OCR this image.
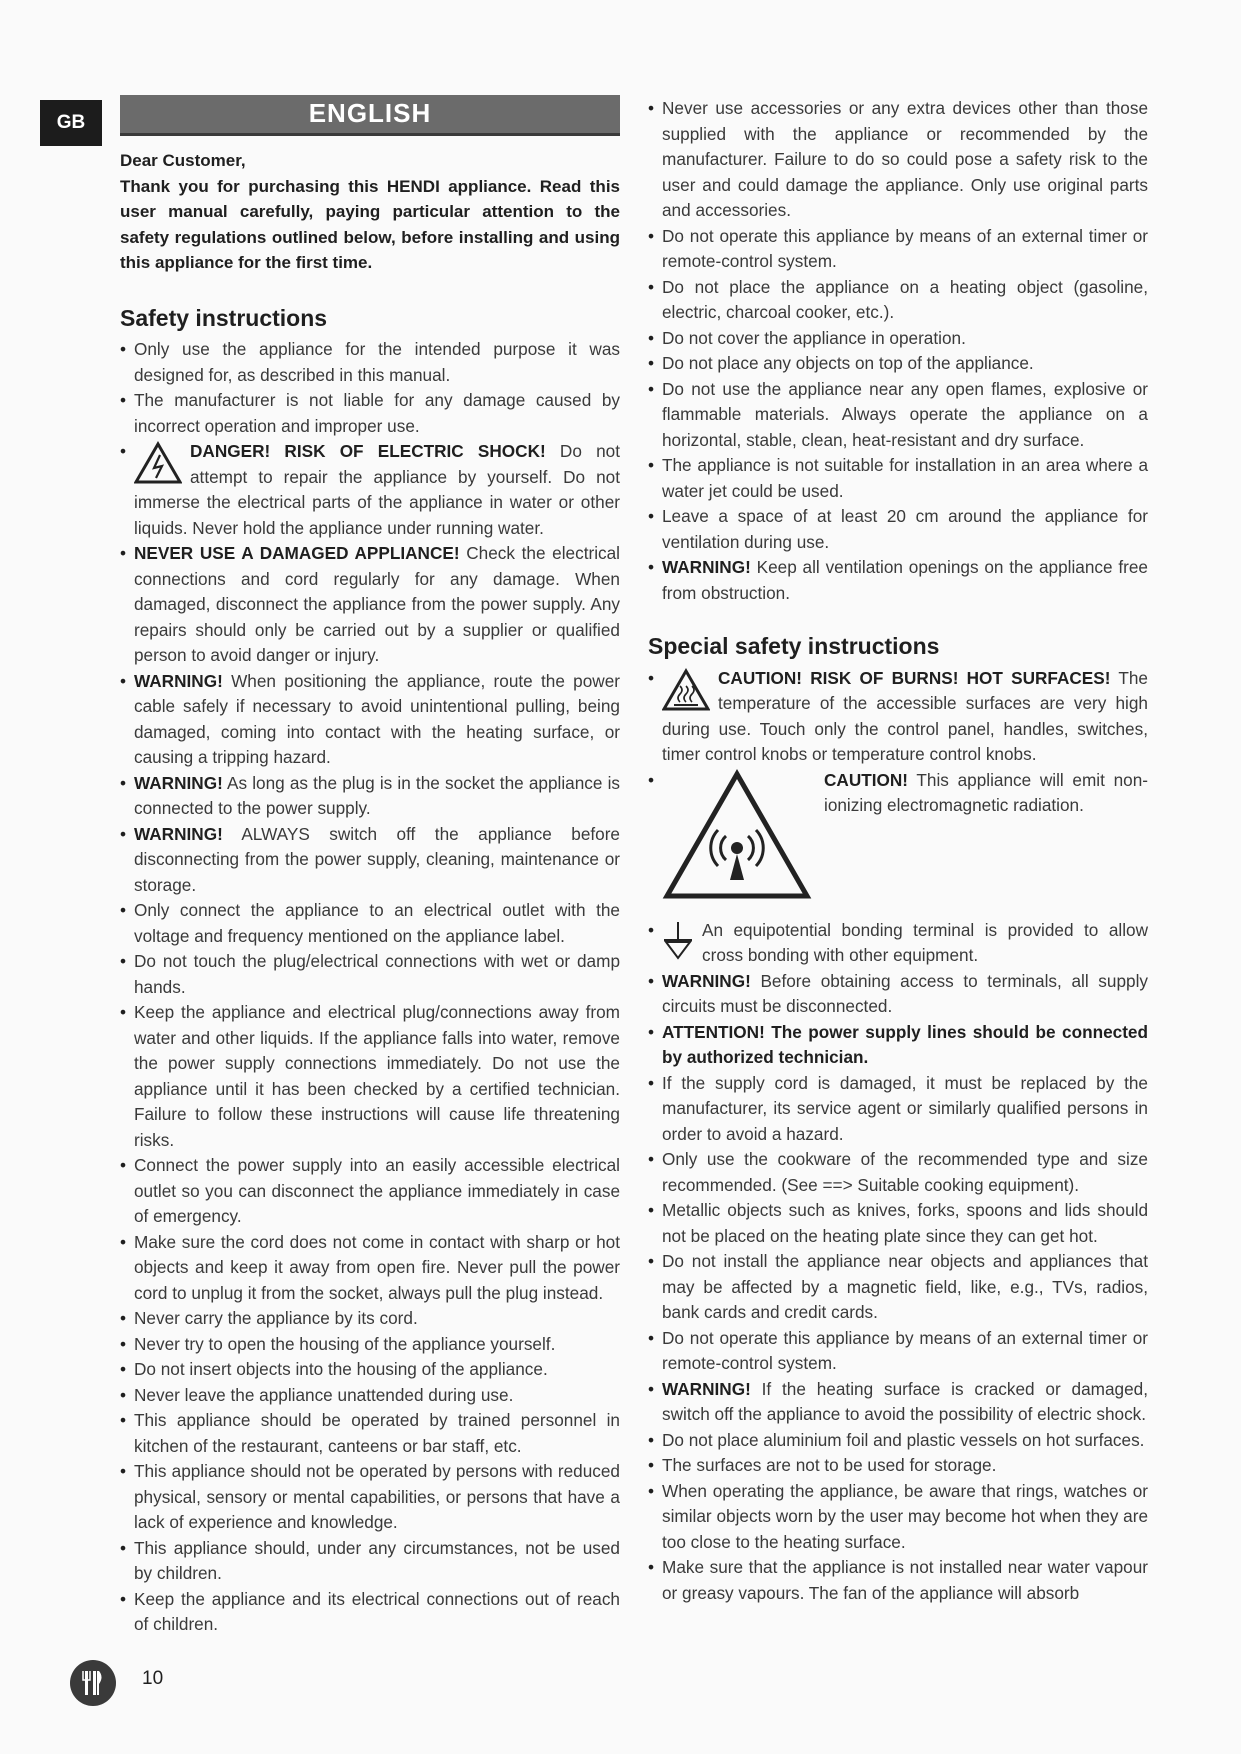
GB	ENGLISH

Dear Customer,

Thank you for purchasing this HENDI appliance. Read this user manual carefully, paying particular attention to the safety regulations outlined below, before installing and using this appliance for the first time.

Safety instructions
• Only use the appliance for the intended purpose it was designed for, as described in this manual.
• The manufacturer is not liable for any damage caused by incorrect operation and improper use.
• DANGER! RISK OF ELECTRIC SHOCK! Do not attempt to repair the appliance by yourself. Do not immerse the electrical parts of the appliance in water or other liquids. Never hold the appliance under running water.
• NEVER USE A DAMAGED APPLIANCE! Check the electrical connections and cord regularly for any damage. When damaged, disconnect the appliance from the power supply. Any repairs should only be carried out by a supplier or qualified person to avoid danger or injury.
• WARNING! When positioning the appliance, route the power cable safely if necessary to avoid unintentional pulling, being damaged, coming into contact with the heating surface, or causing a tripping hazard.
• WARNING! As long as the plug is in the socket the appliance is connected to the power supply.
• WARNING! ALWAYS switch off the appliance before disconnecting from the power supply, cleaning, maintenance or storage.
• Only connect the appliance to an electrical outlet with the voltage and frequency mentioned on the appliance label.
• Do not touch the plug/electrical connections with wet or damp hands.
• Keep the appliance and electrical plug/connections away from water and other liquids. If the appliance falls into water, remove the power supply connections immediately. Do not use the appliance until it has been checked by a certified technician. Failure to follow these instructions will cause life threatening risks.
• Connect the power supply into an easily accessible electrical outlet so you can disconnect the appliance immediately in case of emergency.
• Make sure the cord does not come in contact with sharp or hot objects and keep it away from open fire. Never pull the power cord to unplug it from the socket, always pull the plug instead.
• Never carry the appliance by its cord.
• Never try to open the housing of the appliance yourself.
• Do not insert objects into the housing of the appliance.
• Never leave the appliance unattended during use.
• This appliance should be operated by trained personnel in kitchen of the restaurant, canteens or bar staff, etc.
• This appliance should not be operated by persons with reduced physical, sensory or mental capabilities, or persons that have a lack of experience and knowledge.
• This appliance should, under any circumstances, not be used by children.
• Keep the appliance and its electrical connections out of reach of children.
• Never use accessories or any extra devices other than those supplied with the appliance or recommended by the manufacturer. Failure to do so could pose a safety risk to the user and could damage the appliance. Only use original parts and accessories.
• Do not operate this appliance by means of an external timer or remote-control system.
• Do not place the appliance on a heating object (gasoline, electric, charcoal cooker, etc.).
• Do not cover the appliance in operation.
• Do not place any objects on top of the appliance.
• Do not use the appliance near any open flames, explosive or flammable materials. Always operate the appliance on a horizontal, stable, clean, heat-resistant and dry surface.
• The appliance is not suitable for installation in an area where a water jet could be used.
• Leave a space of at least 20 cm around the appliance for ventilation during use.
• WARNING! Keep all ventilation openings on the appliance free from obstruction.
Special safety instructions
• CAUTION! RISK OF BURNS! HOT SURFACES! The temperature of the accessible surfaces are very high during use. Touch only the control panel, handles, switches, timer control knobs or temperature control knobs.
• CAUTION! This appliance will emit non-ionizing electromagnetic radiation.
• An equipotential bonding terminal is provided to allow cross bonding with other equipment.
• WARNING! Before obtaining access to terminals, all supply circuits must be disconnected.
• ATTENTION! The power supply lines should be connected by authorized technician.
• If the supply cord is damaged, it must be replaced by the manufacturer, its service agent or similarly qualified persons in order to avoid a hazard.
• Only use the cookware of the recommended type and size recommended. (See ==> Suitable cooking equipment).
• Metallic objects such as knives, forks, spoons and lids should not be placed on the heating plate since they can get hot.
• Do not install the appliance near objects and appliances that may be affected by a magnetic field, like, e.g., TVs, radios, bank cards and credit cards.
• Do not operate this appliance by means of an external timer or remote-control system.
• WARNING! If the heating surface is cracked or damaged, switch off the appliance to avoid the possibility of electric shock.
• Do not place aluminium foil and plastic vessels on hot surfaces.
• The surfaces are not to be used for storage.
• When operating the appliance, be aware that rings, watches or similar objects worn by the user may become hot when they are too close to the heating surface.
• Make sure that the appliance is not installed near water vapour or greasy vapours. The fan of the appliance will absorb
10
